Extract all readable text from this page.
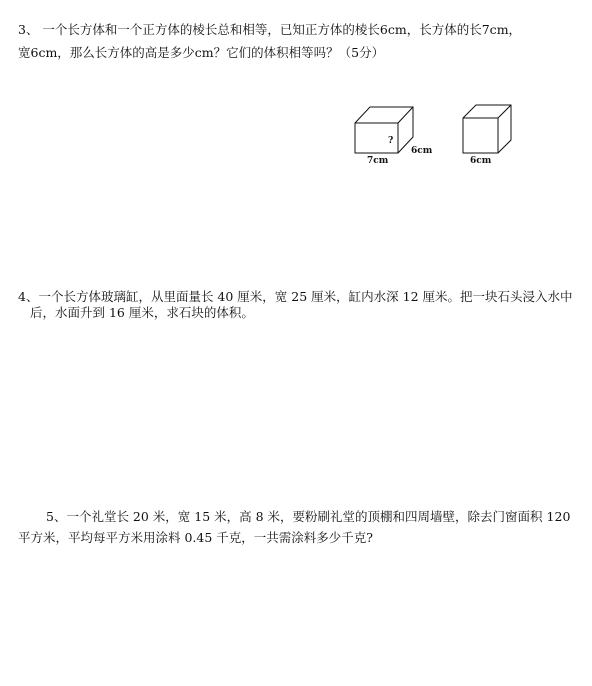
3、 一个长方体和一个正方体的棱长总和相等，已知正方体的棱长6cm，长方体的长7cm，
宽6cm，那么长方体的高是多少cm？它们的体积相等吗？（5分）
?
6cm
7cm	6cm
4、一个长方体玻璃缸，从里面量长 40 厘米，宽 25 厘米，缸内水深 12 厘米。把一块石头浸入水中
后，水面升到 16 厘米，求石块的体积。
5、一个礼堂长 20 米，宽 15 米，高 8 米，要粉刷礼堂的顶棚和四周墙壁，除去门窗面积 120
平方米，平均每平方米用涂料 0.45 千克，一共需涂料多少千克?
